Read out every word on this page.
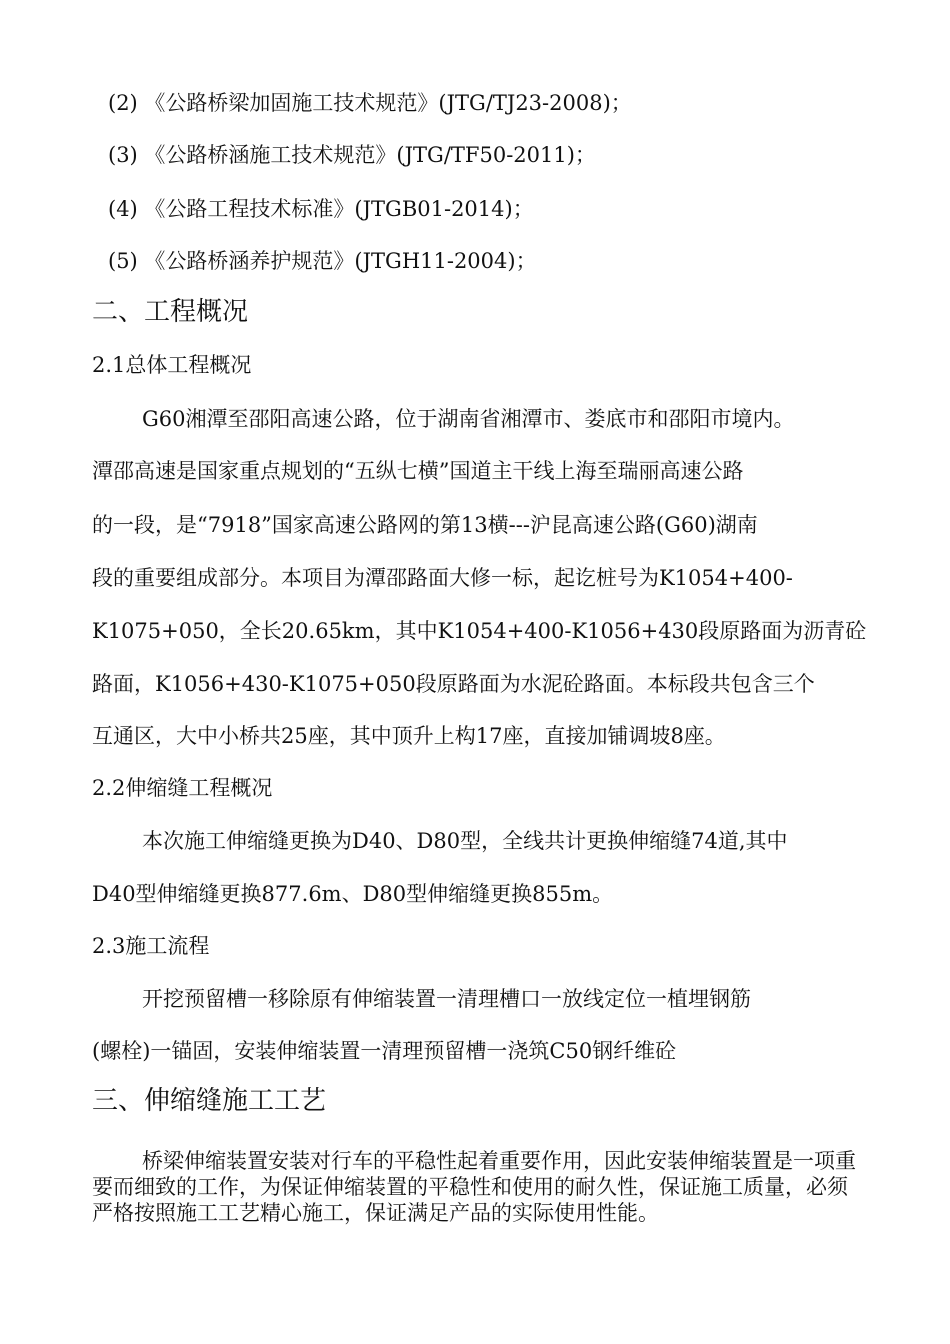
(2) 《公路桥梁加固施工技术规范》(JTG/TJ23-2008)；
(3) 《公路桥涵施工技术规范》(JTG/TF50-2011)；
(4) 《公路工程技术标准》(JTGB01-2014)；
(5) 《公路桥涵养护规范》(JTGH11-2004)；
二、工程概况
2.1总体工程概况
G60湘潭至邵阳高速公路，位于湖南省湘潭市、娄底市和邵阳市境内。
潭邵高速是国家重点规划的“五纵七横”国道主干线上海至瑞丽高速公路
的一段，是“7918”国家高速公路网的第13横---沪昆高速公路(G60)湖南
段的重要组成部分。本项目为潭邵路面大修一标，起讫桩号为K1054+400-
K1075+050，全长20.65km，其中K1054+400-K1056+430段原路面为沥青砼
路面，K1056+430-K1075+050段原路面为水泥砼路面。本标段共包含三个
互通区，大中小桥共25座，其中顶升上构17座，直接加铺调坡8座。
2.2伸缩缝工程概况
本次施工伸缩缝更换为D40、D80型，全线共计更换伸缩缝74道,其中
D40型伸缩缝更换877.6m、D80型伸缩缝更换855m。
2.3施工流程
开挖预留槽一移除原有伸缩装置一清理槽口一放线定位一植埋钢筋
(螺栓)一锚固，安装伸缩装置一清理预留槽一浇筑C50钢纤维砼
三、伸缩缝施工工艺
桥梁伸缩装置安装对行车的平稳性起着重要作用，因此安装伸缩装置是一项重要而细致的工作，为保证伸缩装置的平稳性和使用的耐久性，保证施工质量，必须严格按照施工工艺精心施工，保证满足产品的实际使用性能。
